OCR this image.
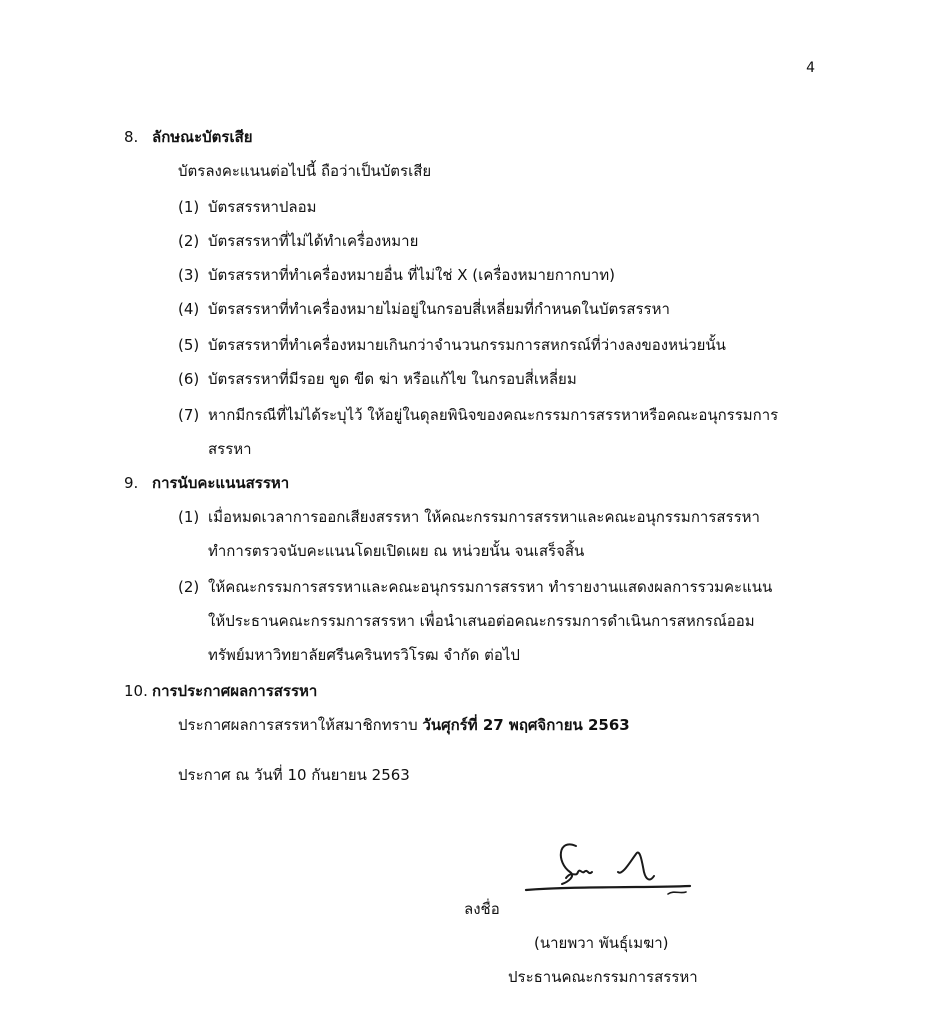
4
8. ลักษณะบัตรเสีย
บัตรลงคะแนนต่อไปนี้ ถือว่าเป็นบัตรเสีย
(1) บัตรสรรหาปลอม
(2) บัตรสรรหาที่ไม่ได้ทำเครื่องหมาย
(3) บัตรสรรหาที่ทำเครื่องหมายอื่น ที่ไม่ใช่ X (เครื่องหมายกากบาท)
(4) บัตรสรรหาที่ทำเครื่องหมายไม่อยู่ในกรอบสี่เหลี่ยมที่กำหนดในบัตรสรรหา
(5) บัตรสรรหาที่ทำเครื่องหมายเกินกว่าจำนวนกรรมการสหกรณ์ที่ว่างลงของหน่วยนั้น
(6) บัตรสรรหาที่มีรอย ขูด ขีด ฆ่า หรือแก้ไข ในกรอบสี่เหลี่ยม
(7) หากมีกรณีที่ไม่ได้ระบุไว้ ให้อยู่ในดุลยพินิจของคณะกรรมการสรรหาหรือคณะอนุกรรมการ
สรรหา
9. การนับคะแนนสรรหา
(1) เมื่อหมดเวลาการออกเสียงสรรหา ให้คณะกรรมการสรรหาและคณะอนุกรรมการสรรหา
ทำการตรวจนับคะแนนโดยเปิดเผย ณ หน่วยนั้น จนเสร็จสิ้น
(2) ให้คณะกรรมการสรรหาและคณะอนุกรรมการสรรหา ทำรายงานแสดงผลการรวมคะแนน
ให้ประธานคณะกรรมการสรรหา เพื่อนำเสนอต่อคณะกรรมการดำเนินการสหกรณ์ออม
ทรัพย์มหาวิทยาลัยศรีนครินทรวิโรฒ จำกัด ต่อไป
10. การประกาศผลการสรรหา
ประกาศผลการสรรหาให้สมาชิกทราบ วันศุกร์ที่ 27 พฤศจิกายน 2563
ประกาศ ณ วันที่ 10 กันยายน 2563
ลงชื่อ
(นายพวา พันธุ์เมฆา)
ประธานคณะกรรมการสรรหา
